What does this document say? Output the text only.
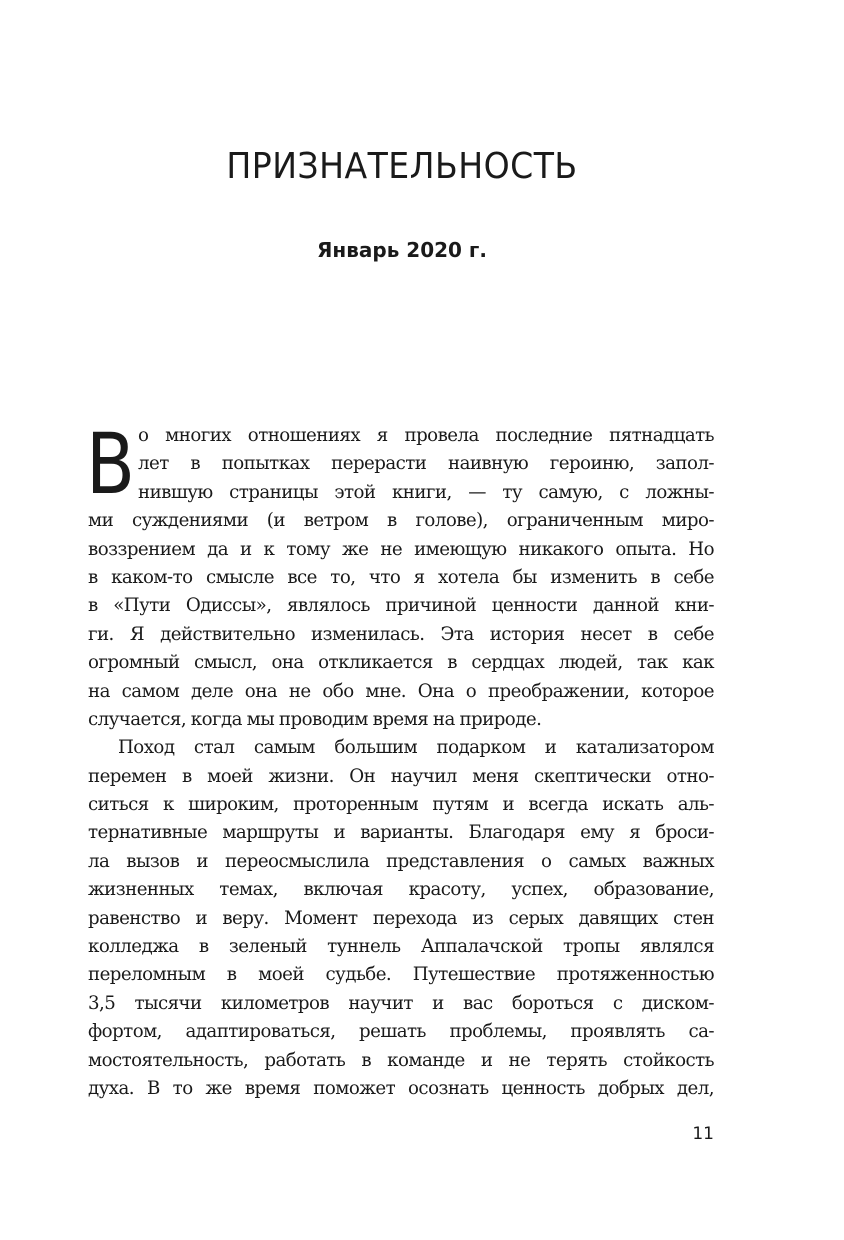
ПРИЗНАТЕЛЬНОСТЬ
Январь 2020 г.
В о многих отношениях я провела последние пятнадцать
лет в попытках перерасти наивную героиню, запол-
нившую страницы этой книги, — ту самую, с ложны-
ми суждениями (и ветром в голове), ограниченным миро-
воззрением да и к тому же не имеющую никакого опыта. Но
в каком-то смысле все то, что я хотела бы изменить в себе
в «Пути Одиссы», являлось причиной ценности данной кни-
ги. Я действительно изменилась. Эта история несет в себе
огромный смысл, она откликается в сердцах людей, так как
на самом деле она не обо мне. Она о преображении, которое
случается, когда мы проводим время на природе.
Поход стал самым большим подарком и катализатором
перемен в моей жизни. Он научил меня скептически отно-
ситься к широким, проторенным путям и всегда искать аль-
тернативные маршруты и варианты. Благодаря ему я броси-
ла вызов и переосмыслила представления о самых важных
жизненных темах, включая красоту, успех, образование,
равенство и веру. Момент перехода из серых давящих стен
колледжа в зеленый туннель Аппалачской тропы являлся
переломным в моей судьбе. Путешествие протяженностью
3,5 тысячи километров научит и вас бороться с диском-
фортом, адаптироваться, решать проблемы, проявлять са-
мостоятельность, работать в команде и не терять стойкость
духа. В то же время поможет осознать ценность добрых дел,
11
